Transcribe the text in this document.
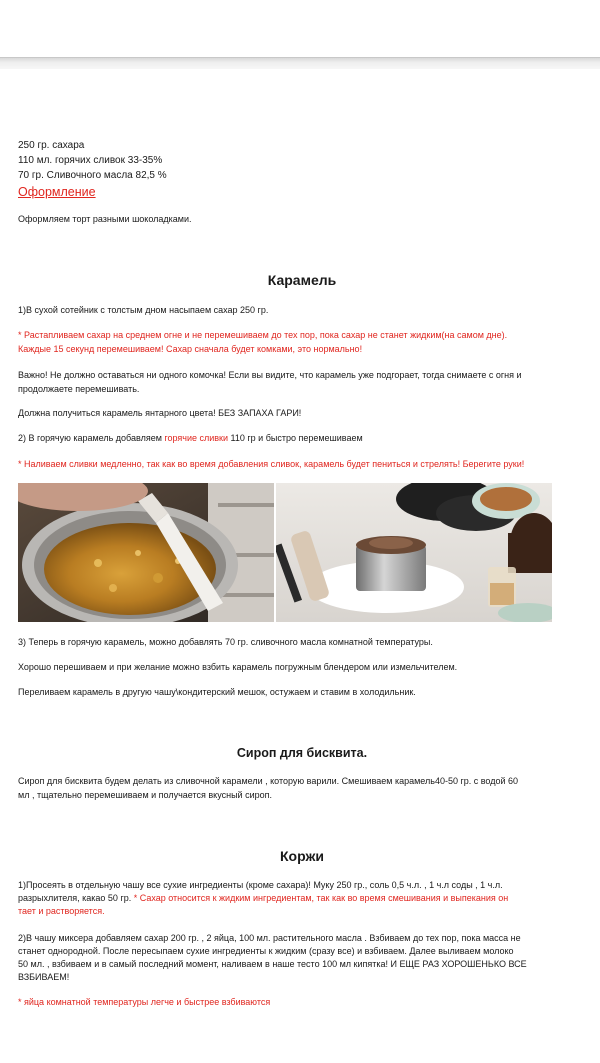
250 гр. сахара
110 мл. горячих сливок 33-35%
70 гр. Сливочного масла 82,5 %
Оформление
Оформляем торт разными шоколадками.
Карамель
1)В сухой сотейник с толстым дном насыпаем сахар 250 гр.
* Растапливаем сахар на среднем огне и не перемешиваем до тех пор, пока сахар не станет жидким(на самом дне).
Каждые 15 секунд перемешиваем! Сахар сначала будет комками, это нормально!
Важно! Не должно оставаться ни одного комочка! Если вы видите, что карамель уже подгорает, тогда снимаете с огня и
продолжаете перемешивать.
Должна получиться карамель янтарного цвета! БЕЗ ЗАПАХА ГАРИ!
2) В горячую карамель добавляем горячие сливки 110 гр и быстро перемешиваем
* Наливаем сливки медленно, так как во время добавления сливок, карамель будет пениться и стрелять! Берегите руки!
3) Теперь в горячую карамель, можно добавлять 70 гр. сливочного масла комнатной температуры.
Хорошо перешиваем и при желание можно взбить карамель погружным блендером или измельчителем.
Переливаем карамель в другую чашу\кондитерский мешок, остужаем и ставим в холодильник.
Сироп для бисквита.
Сироп для бисквита будем делать из сливочной карамели , которую варили. Смешиваем карамель40-50 гр. с водой 60
мл , тщательно перемешиваем и получается вкусный сироп.
Коржи
1)Просеять в отдельную чашу все сухие ингредиенты (кроме сахара)! Муку 250 гр., соль 0,5 ч.л. , 1 ч.л соды , 1 ч.л.
разрыхлителя, какао 50 гр. * Сахар относится к жидким ингредиентам, так как во время смешивания и выпекания он
тает и растворяется.
2)В чашу миксера добавляем сахар 200 гр. , 2 яйца, 100 мл. растительного масла . Взбиваем до тех пор, пока масса не
станет однородной. После пересыпаем сухие ингредиенты к жидким (сразу все) и взбиваем. Далее выливаем молоко
50 мл. , взбиваем и в самый последний момент, наливаем в наше тесто 100 мл кипятка! И ЕЩЕ РАЗ ХОРОШЕНЬКО ВСЕ
ВЗБИВАЕМ!
* яйца комнатной температуры легче и быстрее взбиваются
